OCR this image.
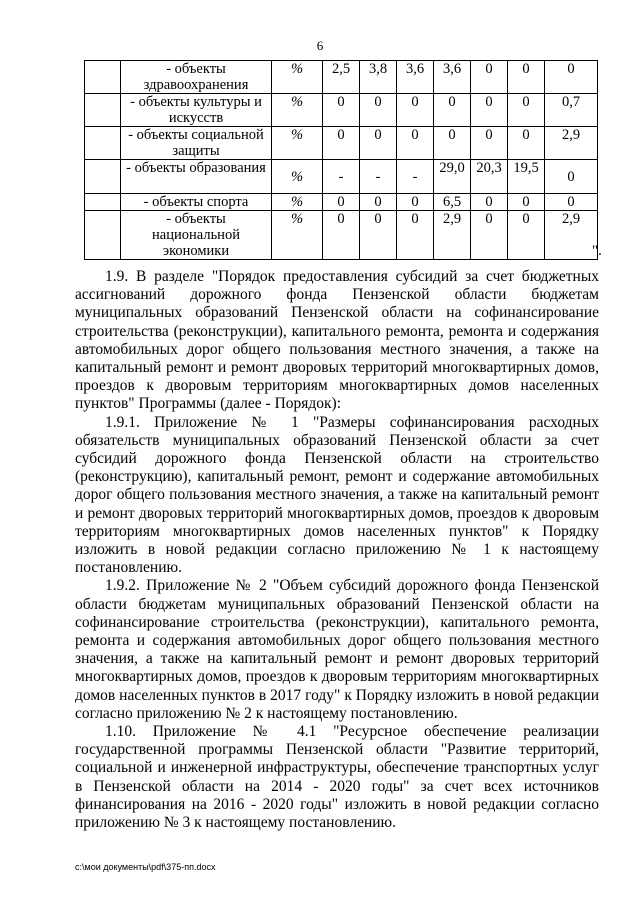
6
	- объекты здравоохранения	%	2,5	3,8	3,6	3,6	0	0	0
	- объекты культуры и искусств	%	0	0	0	0	0	0	0,7
	- объекты социальной защиты	%	0	0	0	0	0	0	2,9
	- объекты образования	%	-	-	-	29,0	20,3	19,5	0
	- объекты спорта	%	0	0	0	6,5	0	0	0
	- объекты национальной экономики	%	0	0	0	2,9	0	0	2,9
".

1.9. В разделе "Порядок предоставления субсидий за счет бюджетных ассигнований дорожного фонда Пензенской области бюджетам муниципальных образований Пензенской области на софинансирование строительства (реконструкции), капитального ремонта, ремонта и содержания автомобильных дорог общего пользования местного значения, а также на капитальный ремонт и ремонт дворовых территорий многоквартирных домов, проездов к дворовым территориям многоквартирных домов населенных пунктов" Программы (далее - Порядок):

1.9.1. Приложение № 1 "Размеры софинансирования расходных обязательств муниципальных образований Пензенской области за счет субсидий дорожного фонда Пензенской области на строительство (реконструкцию), капитальный ремонт, ремонт и содержание автомобильных дорог общего пользования местного значения, а также на капитальный ремонт и ремонт дворовых территорий многоквартирных домов, проездов к дворовым территориям многоквартирных домов населенных пунктов" к Порядку изложить в новой редакции согласно приложению № 1 к настоящему постановлению.

1.9.2. Приложение № 2 "Объем субсидий дорожного фонда Пензенской области бюджетам муниципальных образований Пензенской области на софинансирование строительства (реконструкции), капитального ремонта, ремонта и содержания автомобильных дорог общего пользования местного значения, а также на капитальный ремонт и ремонт дворовых территорий многоквартирных домов, проездов к дворовым территориям многоквартирных домов населенных пунктов в 2017 году" к Порядку изложить в новой редакции согласно приложению № 2 к настоящему постановлению.

1.10. Приложение № 4.1 "Ресурсное обеспечение реализации государственной программы Пензенской области "Развитие территорий, социальной и инженерной инфраструктуры, обеспечение транспортных услуг в Пензенской области на 2014 - 2020 годы" за счет всех источников финансирования на 2016 - 2020 годы" изложить в новой редакции согласно приложению № 3 к настоящему постановлению.

c:\мои документы\pdf\375-пп.docx
